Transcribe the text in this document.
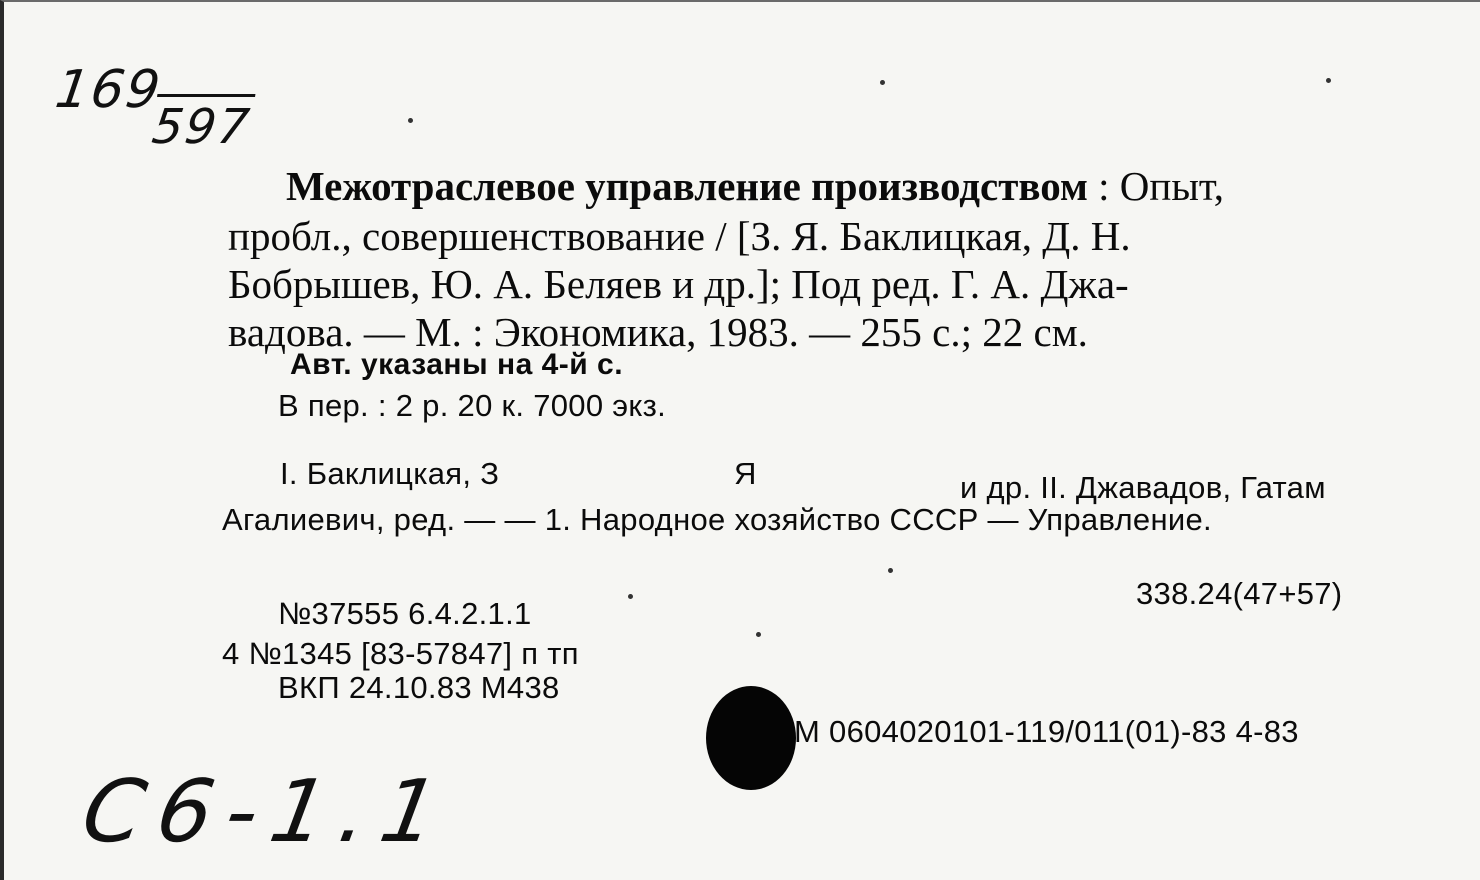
169
597
Межотраслевое управление производством : Опыт,
пробл., совершенствование / [З. Я. Баклицкая, Д. Н.
Бобрышев, Ю. А. Беляев и др.]; Под ред. Г. А. Джа-
вадова. — М. : Экономика, 1983. — 255 с.; 22 см.
Авт. указаны на 4-й с.
В пер. : 2 р. 20 к. 7000 экз.
I. Баклицкая, З	Я	и др. II. Джавадов, Гатам
Агалиевич, ред. — — 1. Народное хозяйство СССР — Управление.
338.24(47+57)
№37555 6.4.2.1.1
4 №1345 [83-57847] п тп
ВКП 24.10.83 М438
М 0604020101-119/011(01)-83 4-83
C6-1.1
